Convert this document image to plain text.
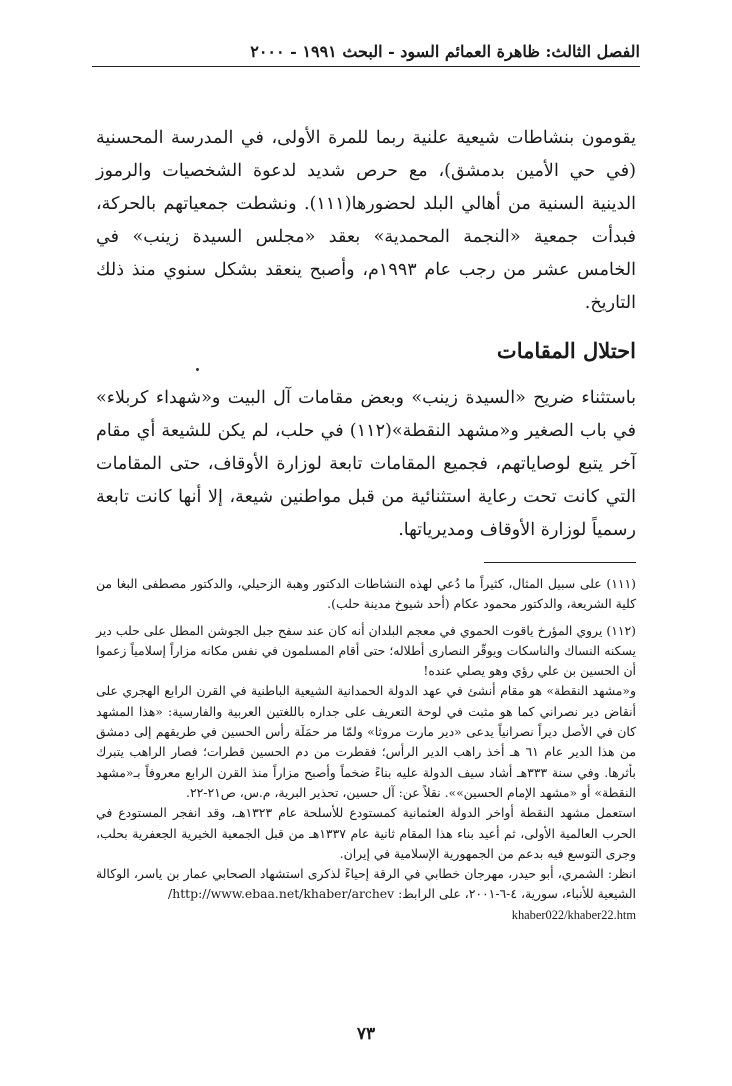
الفصل الثالث: ظاهرة العمائم السود - البحث ١٩٩١ - ٢٠٠٠
يقومون بنشاطات شيعية علنية ربما للمرة الأولى، في المدرسة المحسنية (في حي الأمين بدمشق)، مع حرص شديد لدعوة الشخصيات والرموز الدينية السنية من أهالي البلد لحضورها(١١١). ونشطت جمعياتهم بالحركة، فبدأت جمعية «النجمة المحمدية» بعقد «مجلس السيدة زينب» في الخامس عشر من رجب عام ١٩٩٣م، وأصبح ينعقد بشكل سنوي منذ ذلك التاريخ.
احتلال المقامات
باستثناء ضريح «السيدة زينب» وبعض مقامات آل البيت و«شهداء كربلاء» في باب الصغير و«مشهد النقطة»(١١٢) في حلب، لم يكن للشيعة أي مقام آخر يتبع لوصاياتهم، فجميع المقامات تابعة لوزارة الأوقاف، حتى المقامات التي كانت تحت رعاية استثنائية من قبل مواطنين شيعة، إلا أنها كانت تابعة رسمياً لوزارة الأوقاف ومديرياتها.

(١١١) على سبيل المثال، كثيراً ما دُعي لهذه النشاطات الدكتور وهبة الزحيلي، والدكتور مصطفى البغا من كلية الشريعة، والدكتور محمود عكام (أحد شيوخ مدينة حلب).

(١١٢) يروي المؤرخ ياقوت الحموي في معجم البلدان أنه كان عند سفح جبل الجوشن المطل على حلب دير يسكنه النساك والناسكات ويوقّر النصارى أطلاله؛ حتى أقام المسلمون في نفس مكانه مزاراً إسلامياً زعموا أن الحسين بن علي رؤي وهو يصلي عنده!

و«مشهد النقطة» هو مقام أنشئ في عهد الدولة الحمدانية الشيعية الباطنية في القرن الرابع الهجري على أنقاض دير نصراني كما هو مثبت في لوحة التعريف على جداره باللغتين العربية والفارسية: «هذا المشهد كان في الأصل ديراً نصرانياً يدعى «دير مارت مروثا» ولمّا مر حمَلَة رأس الحسين في طريقهم إلى دمشق من هذا الدير عام ٦١ هـ أخذ راهب الدير الرأس؛ فقطرت من دم الحسين قطرات؛ فصار الراهب يتبرك بأثرها. وفي سنة ٣٣٣هـ أشاد سيف الدولة عليه بناءً ضخماً وأصبح مزاراً منذ القرن الرابع معروفاً بـ«مشهد النقطة» أو «مشهد الإمام الحسين»». نقلاً عن: آل حسين، تحذير البرية، م.س، ص٢١-٢٢.

استعمل مشهد النقطة أواخر الدولة العثمانية كمستودع للأسلحة عام ١٣٢٣هـ، وقد انفجر المستودع في الحرب العالمية الأولى، ثم أعيد بناء هذا المقام ثانية عام ١٣٣٧هـ من قبل الجمعية الخيرية الجعفرية بحلب، وجرى التوسع فيه بدعم من الجمهورية الإسلامية في إيران.

انظر: الشمري، أبو حيدر، مهرجان خطابي في الرقة إحياءً لذكرى استشهاد الصحابي عمار بن ياسر، الوكالة الشيعية للأنباء، سورية، ٤-٦-٢٠٠١، على الرابط: http://www.ebaa.net/khaber/archev/

khaber022/khaber22.htm
٧٣
